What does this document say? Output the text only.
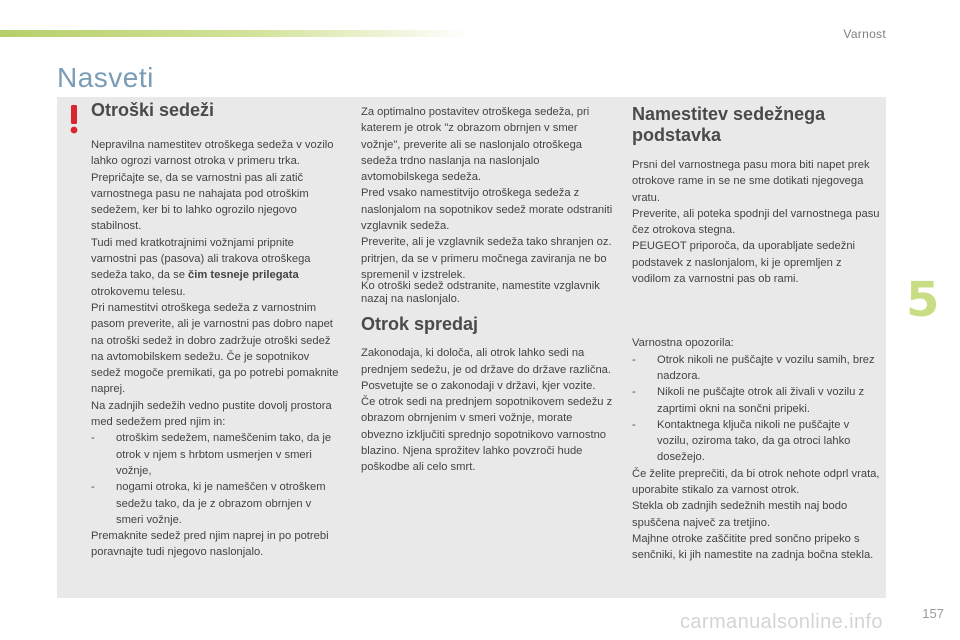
Varnost
Nasveti

Otroški sedeži

Nepravilna namestitev otroškega sedeža v vozilo lahko ogrozi varnost otroka v primeru trka.

Prepričajte se, da se varnostni pas ali zatič varnostnega pasu ne nahajata pod otroškim sedežem, ker bi to lahko ogrozilo njegovo stabilnost.

Tudi med kratkotrajnimi vožnjami pripnite varnostni pas (pasova) ali trakova otroškega sedeža tako, da se čim tesneje prilegata otrokovemu telesu.

Pri namestitvi otroškega sedeža z varnostnim pasom preverite, ali je varnostni pas dobro napet na otroški sedež in dobro zadržuje otroški sedež na avtomobilskem sedežu. Če je sopotnikov sedež mogoče premikati, ga po potrebi pomaknite naprej.

Na zadnjih sedežih vedno pustite dovolj prostora med sedežem pred njim in:

- otroškim sedežem, nameščenim tako, da je otrok v njem s hrbtom usmerjen v smeri vožnje,

- nogami otroka, ki je nameščen v otroškem sedežu tako, da je z obrazom obrnjen v smeri vožnje.

Premaknite sedež pred njim naprej in po potrebi poravnajte tudi njegovo naslonjalo.

Za optimalno postavitev otroškega sedeža, pri katerem je otrok "z obrazom obrnjen v smer vožnje", preverite ali se naslonjalo otroškega sedeža trdno naslanja na naslonjalo avtomobilskega sedeža.

Pred vsako namestitvijo otroškega sedeža z naslonjalom na sopotnikov sedež morate odstraniti vzglavnik sedeža.

Preverite, ali je vzglavnik sedeža tako shranjen oz. pritrjen, da se v primeru močnega zaviranja ne bo spremenil v izstrelek.

Ko otroški sedež odstranite, namestite vzglavnik nazaj na naslonjalo.

Otrok spredaj

Zakonodaja, ki določa, ali otrok lahko sedi na prednjem sedežu, je od države do države različna. Posvetujte se o zakonodaji v državi, kjer vozite.

Če otrok sedi na prednjem sopotnikovem sedežu z obrazom obrnjenim v smeri vožnje, morate obvezno izključiti sprednjo sopotnikovo varnostno blazino. Njena sprožitev lahko povzroči hude poškodbe ali celo smrt.

Namestitev sedežnega podstavka

Prsni del varnostnega pasu mora biti napet prek otrokove rame in se ne sme dotikati njegovega vratu.

Preverite, ali poteka spodnji del varnostnega pasu čez otrokova stegna.

PEUGEOT priporoča, da uporabljate sedežni podstavek z naslonjalom, ki je opremljen z vodilom za varnostni pas ob rami.

Varnostna opozorila:

- Otrok nikoli ne puščajte v vozilu samih, brez nadzora.

- Nikoli ne puščajte otrok ali živali v vozilu z zaprtimi okni na sončni pripeki.

- Kontaktnega ključa nikoli ne puščajte v vozilu, oziroma tako, da ga otroci lahko dosežejo.

Če želite preprečiti, da bi otrok nehote odprl vrata, uporabite stikalo za varnost otrok.

Stekla ob zadnjih sedežnih mestih naj bodo spuščena največ za tretjino.

Majhne otroke zaščitite pred sončno pripeko s senčniki, ki jih namestite na zadnja bočna stekla.

5
carmanualsonline.info	157
